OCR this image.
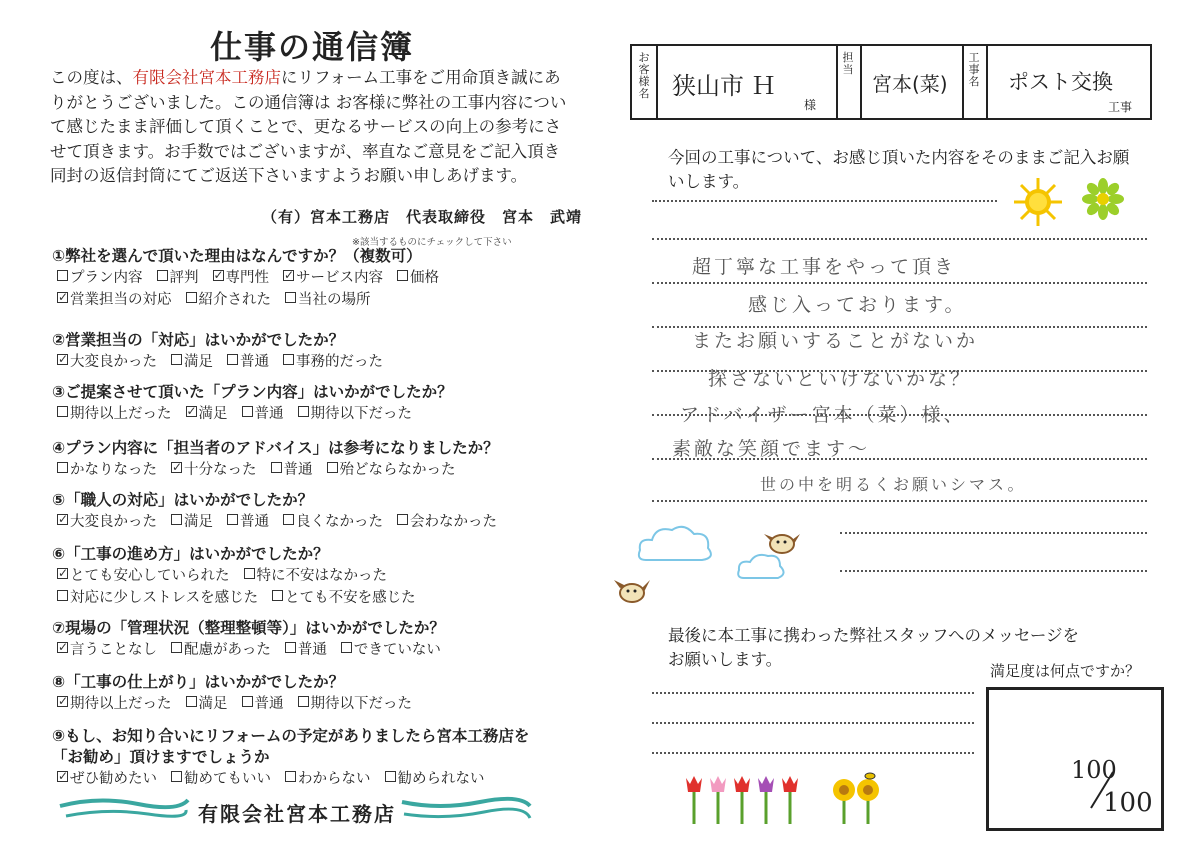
仕事の通信簿
この度は、有限会社宮本工務店にリフォーム工事をご用命頂き誠にありがとうございました。この通信簿は お客様に弊社の工事内容について感じたまま評価して頂くことで、更なるサービスの向上の参考にさせて頂きます。お手数ではございますが、率直なご意見をご記入頂き 同封の返信封筒にてご返送下さいますようお願い申しあげます。
（有）宮本工務店　代表取締役　宮本　武靖
※該当するものにチェックして下さい
①弊社を選んで頂いた理由はなんですか？（複数可）
プラン内容 評判 ✓ 専門性 ✓ サービス内容 価格✓営業担当の対応 紹介された 当社の場所
②営業担当の「対応」はいかがでしたか？
✓大変良かった 満足 普通 事務的だった
③ご提案させて頂いた「プラン内容」はいかがでしたか？
期待以上だった ✓ 満足 普通 期待以下だった
④プラン内容に「担当者のアドバイス」は参考になりましたか？
かなりなった ✓ 十分なった 普通 殆どならなかった
⑤「職人の対応」はいかがでしたか？
✓大変良かった 満足 普通 良くなかった 会わなかった
⑥「工事の進め方」はいかがでしたか？
✓とても安心していられた 特に不安はなかった対応に少しストレスを感じた とても不安を感じた
⑦現場の「管理状況（整理整頓等）」はいかがでしたか？
✓言うことなし 配慮があった 普通 できていない
⑧「工事の仕上がり」はいかがでしたか？
✓期待以上だった 満足 普通 期待以下だった
⑨もし、お知り合いにリフォームの予定がありましたら宮本工務店を「お勧め」頂けますでしょうか
✓ぜひ勧めたい 勧めてもいい わからない 勧められない
有限会社宮本工務店
お客様名 狭山市 Ｈ
様
担当
宮本(菜)
工事名 ポスト交換
工事
今回の工事について、お感じ頂いた内容をそのままご記入お願いします。
超丁寧な工事をやって頂き
感じ入っております。
またお願いすることがないか
探さないといけないかな？
アドバイザー宮本（菜）様、
素敵な笑顔でます〜
世の中を明るくお願いシマス。
最後に本工事に携わった弊社スタッフへのメッセージをお願いします。
満足度は何点ですか？
100
100
